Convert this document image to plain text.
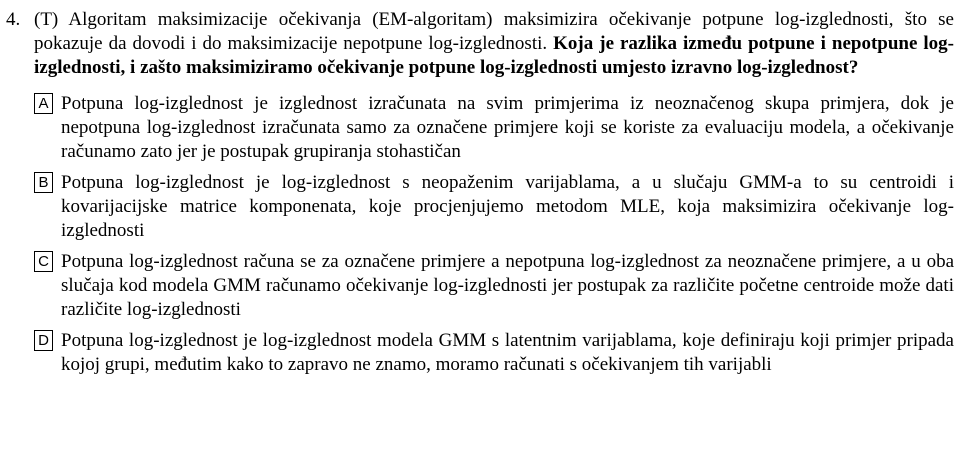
4. (T) Algoritam maksimizacije očekivanja (EM-algoritam) maksimizira očekivanje potpune log-izglednosti, što se pokazuje da dovodi i do maksimizacije nepotpune log-izglednosti. Koja je razlika između potpune i nepotpune log-izglednosti, i zašto maksimiziramo očekivanje potpune log-izglednosti umjesto izravno log-izglednost?
A Potpuna log-izglednost je izglednost izračunata na svim primjerima iz neoznačenog skupa primjera, dok je nepotpuna log-izglednost izračunata samo za označene primjere koji se koriste za evaluaciju modela, a očekivanje računamo zato jer je postupak grupiranja stohastičan
B Potpuna log-izglednost je log-izglednost s neopaženim varijablama, a u slučaju GMM-a to su centroidi i kovarijacijske matrice komponenata, koje procjenjujemo metodom MLE, koja maksimizira očekivanje log-izglednosti
C Potpuna log-izglednost računa se za označene primjere a nepotpuna log-izglednost za neoznačene primjere, a u oba slučaja kod modela GMM računamo očekivanje log-izglednosti jer postupak za različite početne centroide može dati različite log-izglednosti
D Potpuna log-izglednost je log-izglednost modela GMM s latentnim varijablama, koje definiraju koji primjer pripada kojoj grupi, međutim kako to zapravo ne znamo, moramo računati s očekivanjem tih varijabli
